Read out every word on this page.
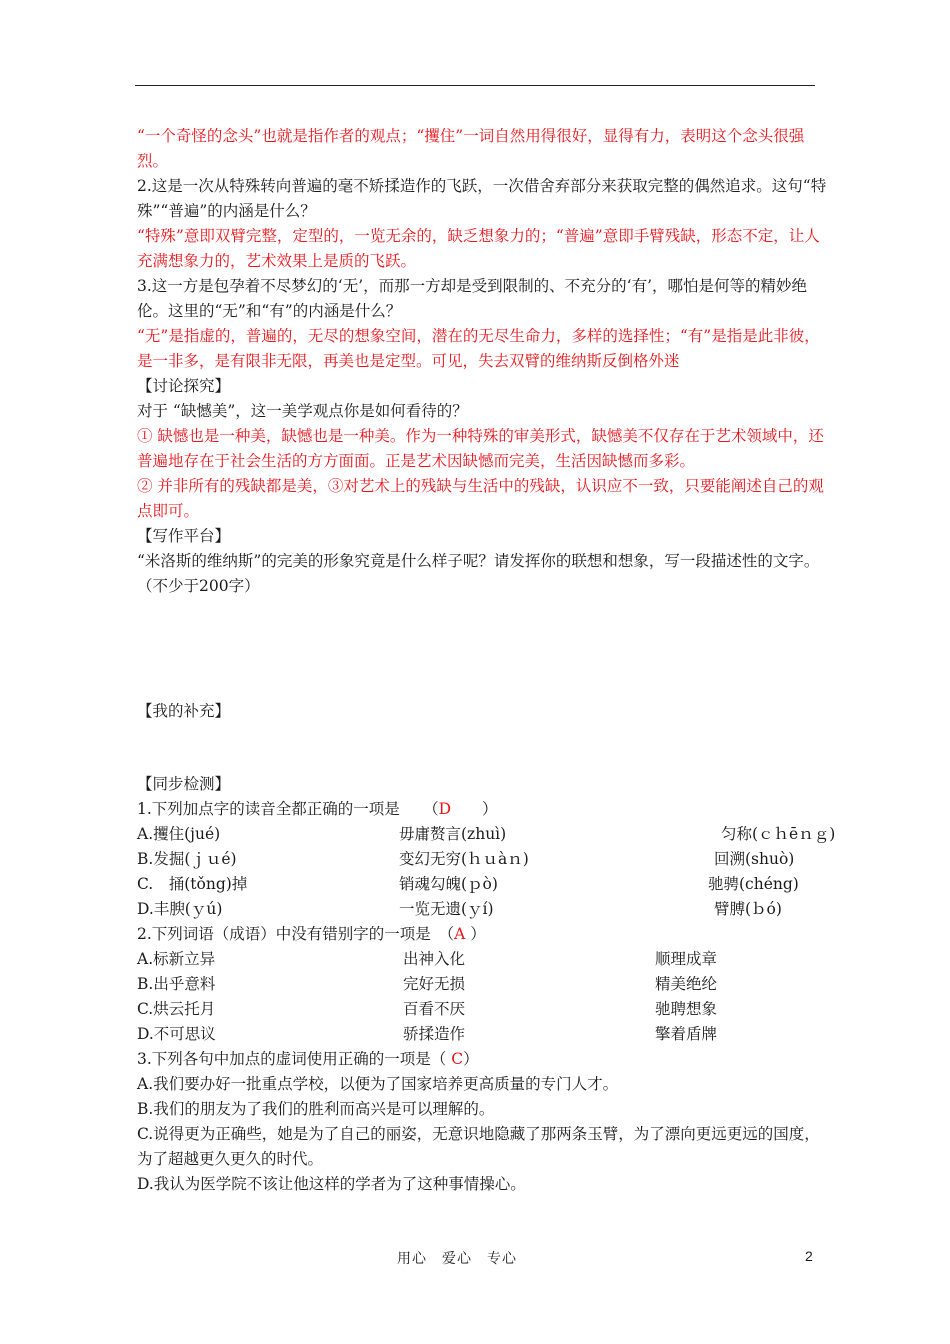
“一个奇怪的念头”也就是指作者的观点；“攫住”一词自然用得很好，显得有力，表明这个念头很强烈。

2.这是一次从特殊转向普遍的毫不矫揉造作的飞跃，一次借舍弃部分来获取完整的偶然追求。这句“特殊”“普遍”的内涵是什么？

“特殊”意即双臂完整，定型的，一览无余的，缺乏想象力的；“普遍”意即手臂残缺，形态不定，让人充满想象力的，艺术效果上是质的飞跃。

3.这一方是包孕着不尽梦幻的‘无’，而那一方却是受到限制的、不充分的‘有’，哪怕是何等的精妙绝伦。这里的“无”和“有”的内涵是什么？

“无”是指虚的，普遍的，无尽的想象空间，潜在的无尽生命力，多样的选择性；“有”是指是此非彼，是一非多，是有限非无限，再美也是定型。可见，失去双臂的维纳斯反倒格外迷

【讨论探究】

对于 “缺憾美”，这一美学观点你是如何看待的？

① 缺憾也是一种美，缺憾也是一种美。作为一种特殊的审美形式，缺憾美不仅存在于艺术领域中，还普遍地存在于社会生活的方方面面。正是艺术因缺憾而完美，生活因缺憾而多彩。

② 并非所有的残缺都是美，③对艺术上的残缺与生活中的残缺，认识应不一致，只要能阐述自己的观点即可。

【写作平台】

“米洛斯的维纳斯”的完美的形象究竟是什么样子呢？请发挥你的联想和想象，写一段描述性的文字。（不少于200字）

【我的补充】

【同步检测】

1.下列加点字的读音全都正确的一项是　　 （D　　 ）

A.攫住(jué)	毋庸赘言(zhuì)	匀称(ｃｈēｎｇ)
B.发掘(ｊｕé)	变幻无穷(ｈｕàｎ)	回溯(shuò)
C.　捅(tǒng)掉	销魂勾魄(ｐò)	驰骋(chéng)
D.丰腴(ｙú)	一览无遗(ｙí)	臂膊(ｂó)

2.下列词语（成语）中没有错别字的一项是　 （A ）

A.标新立异	出神入化	顺理成章
B.出乎意料	完好无损	精美绝纶
C.烘云托月	百看不厌	驰聘想象
D.不可思议	骄揉造作	擎着盾牌

3.下列各句中加点的虚词使用正确的一项是（ C）

A.我们要办好一批重点学校，以便为了国家培养更高质量的专门人才。

B.我们的朋友为了我们的胜利而高兴是可以理解的。

C.说得更为正确些，她是为了自己的丽姿，无意识地隐藏了那两条玉臂，为了漂向更远更远的国度，为了超越更久更久的时代。

D.我认为医学院不该让他这样的学者为了这种事情操心。

用心　爱心　专心	2
